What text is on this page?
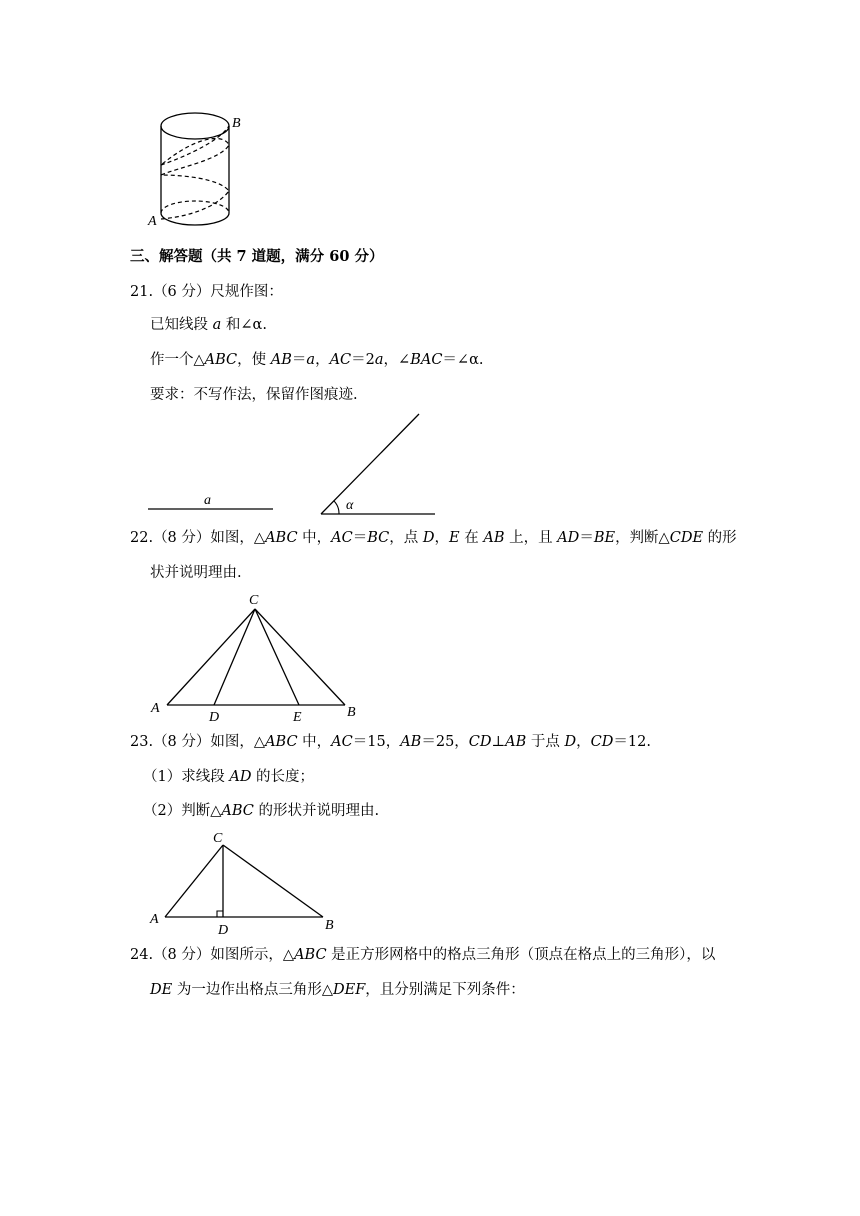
A
B
三、解答题（共 7 道题，满分 60 分）
21.（6 分）尺规作图：
已知线段 a 和∠α.
作一个△ABC，使 AB＝a，AC＝2a，∠BAC＝∠α.
要求：不写作法，保留作图痕迹.
a	α
22.（8 分）如图，△ABC 中，AC＝BC，点 D，E 在 AB 上，且 AD＝BE，判断△CDE 的形
状并说明理由.
C
A	B
D	E
23.（8 分）如图，△ABC 中，AC＝15，AB＝25，CD⊥AB 于点 D，CD＝12.
（1）求线段 AD 的长度；
（2）判断△ABC 的形状并说明理由.
C
A	B
D
24.（8 分）如图所示，△ABC 是正方形网格中的格点三角形（顶点在格点上的三角形），以
DE 为一边作出格点三角形△DEF，且分别满足下列条件：
